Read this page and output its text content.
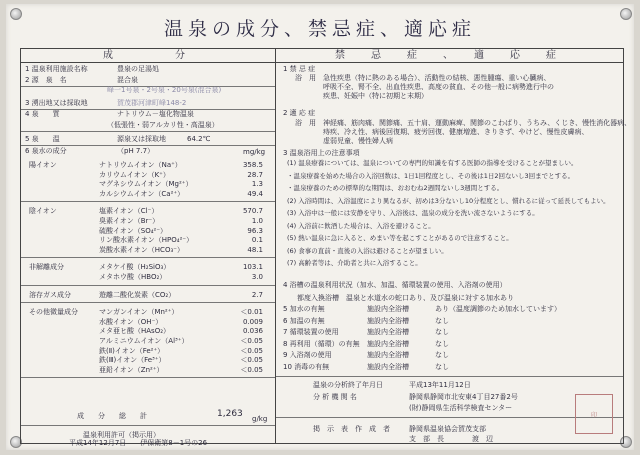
温泉の成分、禁忌症、適応症
成　　　分	禁　忌　症　、　適　応　症
1 温泉利用施設名称	豊泉の足湯処
2 源　泉　名	混合泉
峰一1号泉・2号泉・20号泉(混合泉)
3 湧出地又は採取地	賀茂郡河津町峰148-2
4 泉　　質	ナトリウム－塩化物温泉
（低張性・弱アルカリ性・高温泉）
5 泉　　温	源泉又は採取地　　　64.2℃
6 泉水の成分	（pH 7.7）	mg/kg
陽イオン	ナトリウムイオン（Na⁺）	358.5
カリウムイオン（K⁺）	28.7
マグネシウムイオン（Mg²⁺）	1.3
カルシウムイオン（Ca²⁺）	49.4
陰イオン	塩素イオン（Cl⁻）	570.7
臭素イオン（Br⁻）	1.0
硫酸イオン（SO₄²⁻）	96.3
リン酸水素イオン（HPO₄²⁻）	0.1
炭酸水素イオン（HCO₃⁻）	48.1
非解離成分	メタケイ酸（H₂SiO₃）	103.1
メタホウ酸（HBO₂）	3.0
溶存ガス成分	遊離二酸化炭素（CO₂）	2.7
その他微量成分	マンガンイオン（Mn²⁺）	＜0.01
水酸イオン（OH⁻）	0.009
メタ亜ヒ酸（HAsO₂）	0.036
アルミニウムイオン（Al³⁺）	＜0.05
鉄(Ⅱ)イオン（Fe²⁺）	＜0.05
鉄(Ⅲ)イオン（Fe³⁺）	＜0.05
亜鉛イオン（Zn²⁺）	＜0.05
成　　分　　総　　計	1,263 g/kg
温泉利用許可（掲示用）
平成14年12月7日　　伊保衛第8－1号の26
1 禁 忌 症
浴　用 急性疾患（特に熱のある場合）、活動性の結核、悪性腫瘍、重い心臓病、
呼吸不全、腎不全、出血性疾患、高度の貧血、その他一般に病勢進行中の
疾患、妊娠中（特に初期と末期）
2 適 応 症
浴　用 神経痛、筋肉痛、関節痛、五十肩、運動麻痺、関節のこわばり、うちみ、くじき、慢性消化器病、
痔疾、冷え性、病後回復期、疲労回復、健康増進、きりきず、やけど、慢性皮膚病、
虚弱児童、慢性婦人病
3 温泉浴用上の注意事項
(1) 温泉療養については、温泉についての専門的知識を有する医師の指導を受けることが望ましい。
・温泉療養を始めた場合の入浴回数は、1日1回程度とし、その後は1日2回ないし3回までとする。
・温泉療養のための標準的な期間は、おおむね2週間ないし3週間とする。
(2) 入浴時間は、入浴温度により異なるが、初めは3分ないし10分程度とし、慣れるに従って延長してもよい。
(3) 入浴中は一般には安静を守り、入浴後は、温泉の成分を洗い流さないようにする。
(4) 入浴前に飲酒した場合は、入浴を避けること。
(5) 熱い温泉に急に入ると、めまい等を起こすことがあるので注意すること。
(6) 食事の直前・直後の入浴は避けることが望ましい。
(7) 高齢者等は、介助者と共に入浴すること。
4 浴槽の温泉利用状況（加水、加温、循環装置の使用、入浴剤の使用）
都度入換浴槽　温泉と水道水の蛇口あり、及び温泉に対する加水あり
5 加水の有無	施設内全浴槽	あり（温度調節のため加水しています）
6 加温の有無	施設内全浴槽	なし
7 循環装置の使用	施設内全浴槽	なし
8 再利用（循環）の有無 施設内全浴槽	なし
9 入浴剤の使用	施設内全浴槽	なし
10 消毒の有無	施設内全浴槽	なし
温泉の分析終了年月日	平成13年11月12日
分 析 機 関 名	静岡県静岡市北安東4丁目27番2号
(財)静岡県生活科学検査センター
掲　示　表　作　成　者	静岡県温泉協会賀茂支部
支　部　長　　　　渡　辺
印
